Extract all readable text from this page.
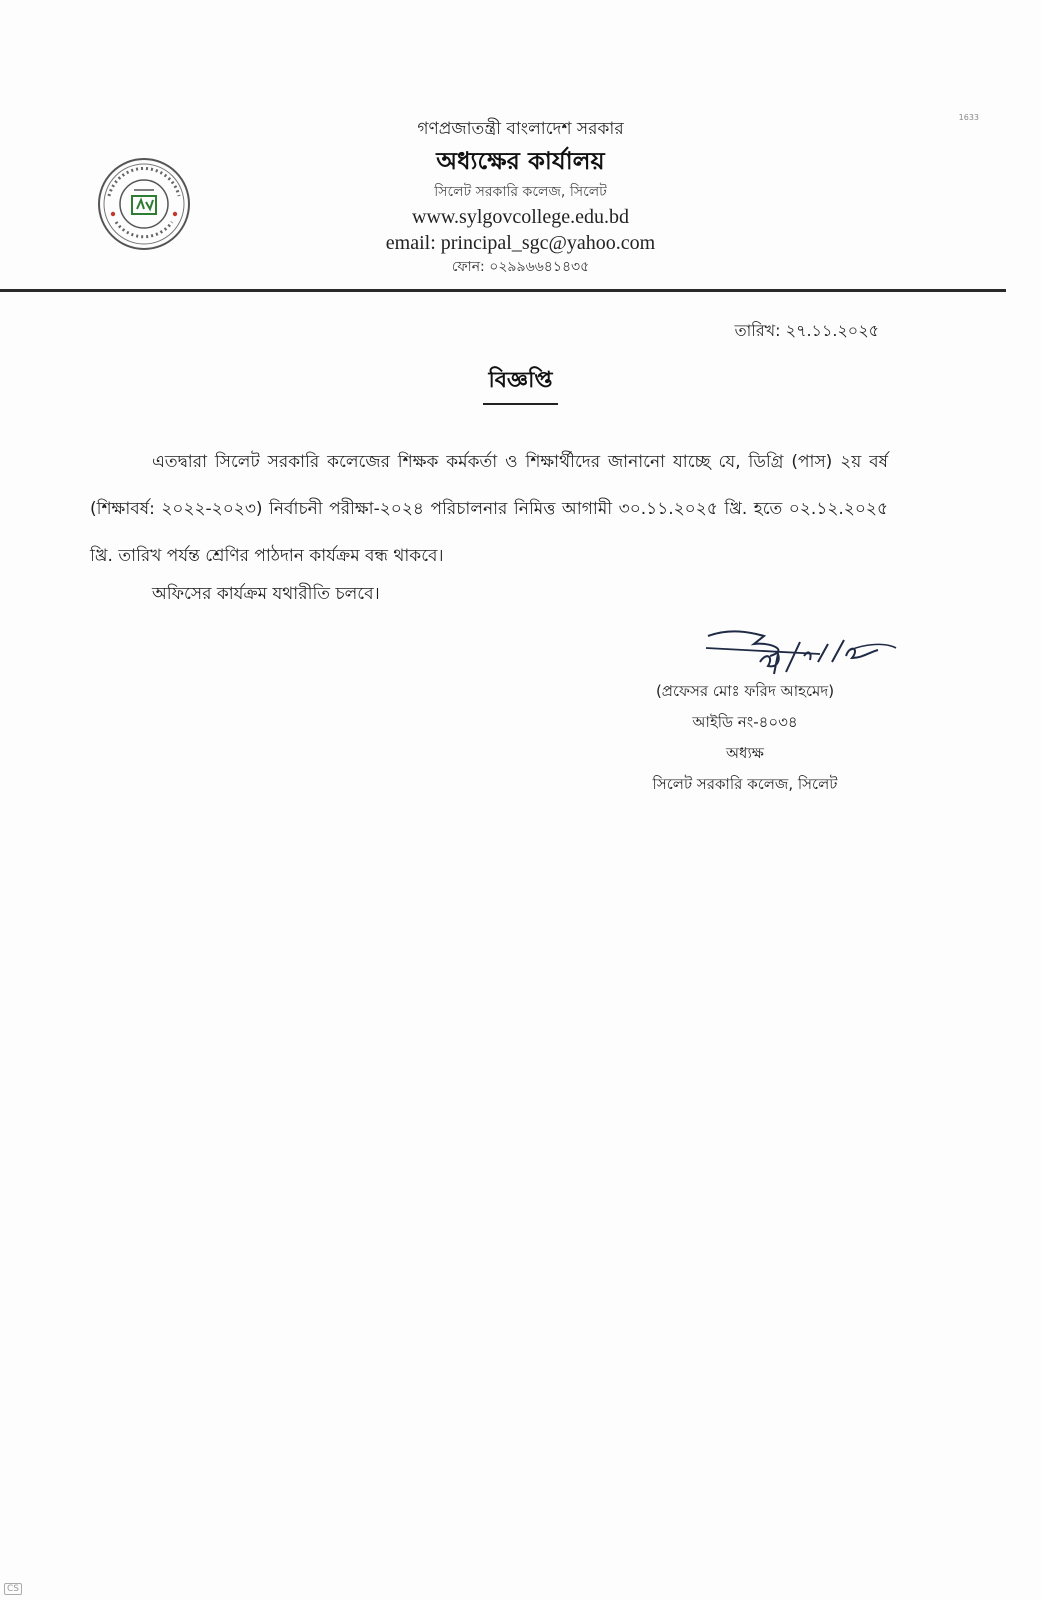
1633
গণপ্রজাতন্ত্রী বাংলাদেশ সরকার
অধ্যক্ষের কার্যালয়
সিলেট সরকারি কলেজ, সিলেট
www.sylgovcollege.edu.bd
email: principal_sgc@yahoo.com
ফোন: ০২৯৯৬৬৪১৪৩৫
তারিখ: ২৭.১১.২০২৫
বিজ্ঞপ্তি

এতদ্বারা সিলেট সরকারি কলেজের শিক্ষক কর্মকর্তা ও শিক্ষার্থীদের জানানো যাচ্ছে যে, ডিগ্রি (পাস) ২য় বর্ষ (শিক্ষাবর্ষ: ২০২২-২০২৩) নির্বাচনী পরীক্ষা-২০২৪ পরিচালনার নিমিত্ত আগামী ৩০.১১.২০২৫ খ্রি. হতে ০২.১২.২০২৫ খ্রি. তারিখ পর্যন্ত শ্রেণির পাঠদান কার্যক্রম বন্ধ থাকবে।

অফিসের কার্যক্রম যথারীতি চলবে।

(প্রফেসর মোঃ ফরিদ আহমেদ)
আইডি নং-৪০৩৪
অধ্যক্ষ
সিলেট সরকারি কলেজ, সিলেট
CS
